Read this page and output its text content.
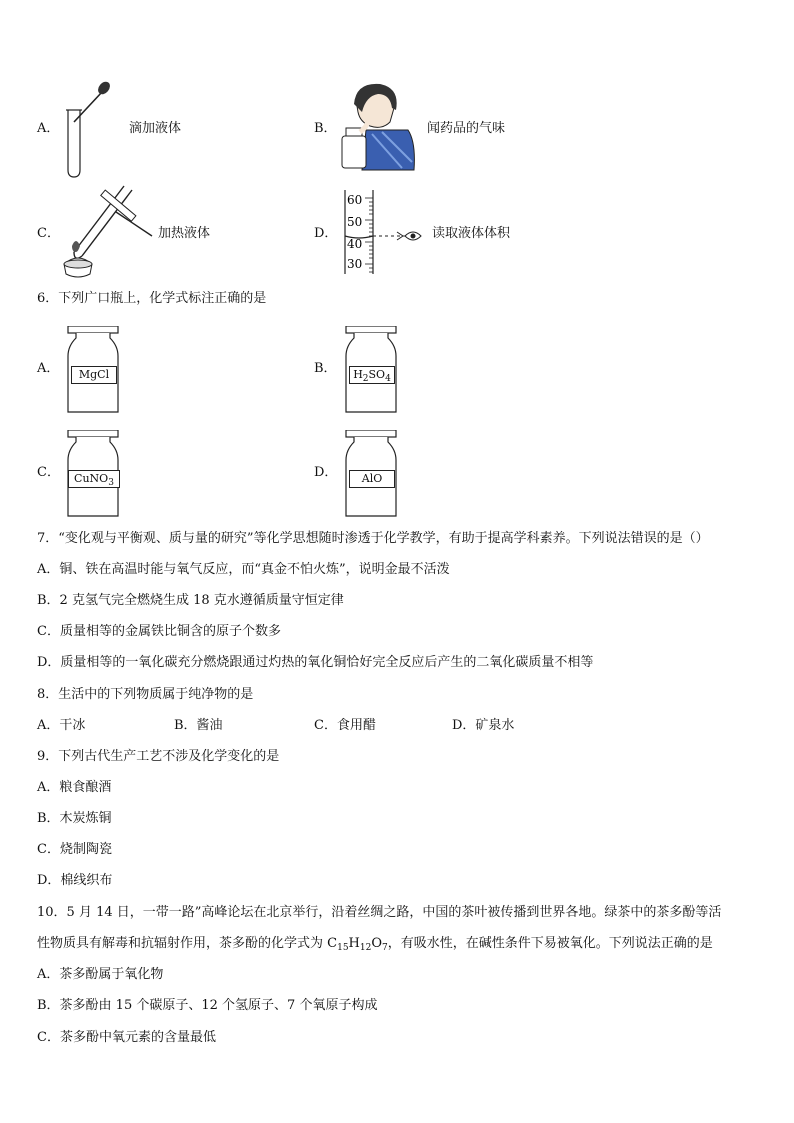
A．	滴加液体	B．	闻药品的气味
C．	加热液体	D．
60
50
40
30
读取液体体积
6．下列广口瓶上，化学式标注正确的是
A．	MgCl	B．	$H_2SO_4$
C．	CuNO$_3$
D．	AlO
7．“变化观与平衡观、质与量的研究”等化学思想随时渗透于化学教学，有助于提高学科素养。下列说法错误的是（）
A．铜、铁在高温时能与氧气反应，而“真金不怕火炼”，说明金最不活泼
B．2 克氢气完全燃烧生成 18 克水遵循质量守恒定律
C．质量相等的金属铁比铜含的原子个数多
D．质量相等的一氧化碳充分燃烧跟通过灼热的氧化铜恰好完全反应后产生的二氧化碳质量不相等
8．生活中的下列物质属于纯净物的是
A．干冰	B．酱油	C．食用醋	D．矿泉水
9．下列古代生产工艺不涉及化学变化的是
A．粮食酿酒
B．木炭炼铜
C．烧制陶瓷
D．棉线织布
10．5 月 14 日，一带一路”高峰论坛在北京举行，沿着丝绸之路，中国的茶叶被传播到世界各地。绿茶中的茶多酚等活
性物质具有解毒和抗辐射作用，茶多酚的化学式为 $C_{15}H_{12}O_7$，有吸水性，在碱性条件下易被氧化。下列说法正确的是
A．茶多酚属于氧化物
B．茶多酚由 15 个碳原子、12 个氢原子、7 个氧原子构成
C．茶多酚中氧元素的含量最低
